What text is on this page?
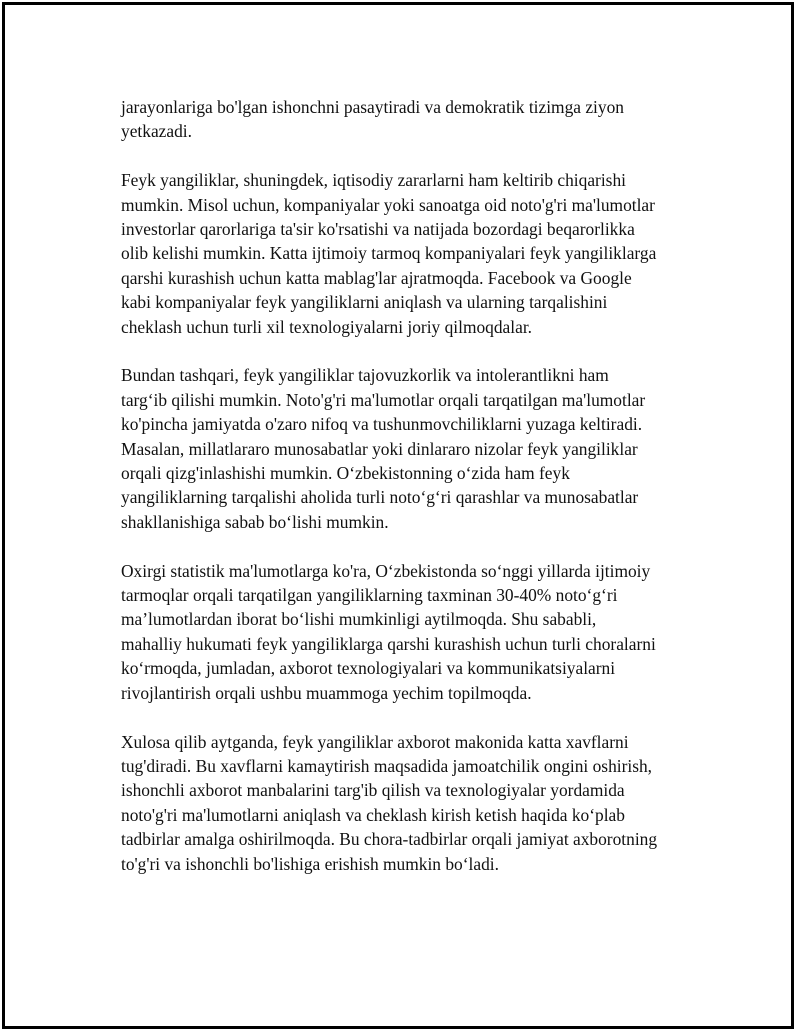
jarayonlariga bo'lgan ishonchni pasaytiradi va demokratik tizimga ziyon
yetkazadi.

Feyk yangiliklar, shuningdek, iqtisodiy zararlarni ham keltirib chiqarishi
mumkin. Misol uchun, kompaniyalar yoki sanoatga oid noto'g'ri ma'lumotlar
investorlar qarorlariga ta'sir ko'rsatishi va natijada bozordagi beqarorlikka
olib kelishi mumkin. Katta ijtimoiy tarmoq kompaniyalari feyk yangiliklarga
qarshi kurashish uchun katta mablag'lar ajratmoqda. Facebook va Google
kabi kompaniyalar feyk yangiliklarni aniqlash va ularning tarqalishini
cheklash uchun turli xil texnologiyalarni joriy qilmoqdalar.

Bundan tashqari, feyk yangiliklar tajovuzkorlik va intolerantlikni ham
targ‘ib qilishi mumkin. Noto'g'ri ma'lumotlar orqali tarqatilgan ma'lumotlar
ko'pincha jamiyatda o'zaro nifoq va tushunmovchiliklarni yuzaga keltiradi.
Masalan, millatlararo munosabatlar yoki dinlararo nizolar feyk yangiliklar
orqali qizg'inlashishi mumkin. O‘zbekistonning o‘zida ham feyk
yangiliklarning tarqalishi aholida turli noto‘g‘ri qarashlar va munosabatlar
shakllanishiga sabab bo‘lishi mumkin.

Oxirgi statistik ma'lumotlarga ko'ra, O‘zbekistonda so‘nggi yillarda ijtimoiy
tarmoqlar orqali tarqatilgan yangiliklarning taxminan 30-40% noto‘g‘ri
ma’lumotlardan iborat bo‘lishi mumkinligi aytilmoqda. Shu sababli,
mahalliy hukumati feyk yangiliklarga qarshi kurashish uchun turli choralarni
ko‘rmoqda, jumladan, axborot texnologiyalari va kommunikatsiyalarni
rivojlantirish orqali ushbu muammoga yechim topilmoqda.

Xulosa qilib aytganda, feyk yangiliklar axborot makonida katta xavflarni
tug'diradi. Bu xavflarni kamaytirish maqsadida jamoatchilik ongini oshirish,
ishonchli axborot manbalarini targ'ib qilish va texnologiyalar yordamida
noto'g'ri ma'lumotlarni aniqlash va cheklash kirish ketish haqida ko‘plab
tadbirlar amalga oshirilmoqda. Bu chora-tadbirlar orqali jamiyat axborotning
to'g'ri va ishonchli bo'lishiga erishish mumkin bo‘ladi.
